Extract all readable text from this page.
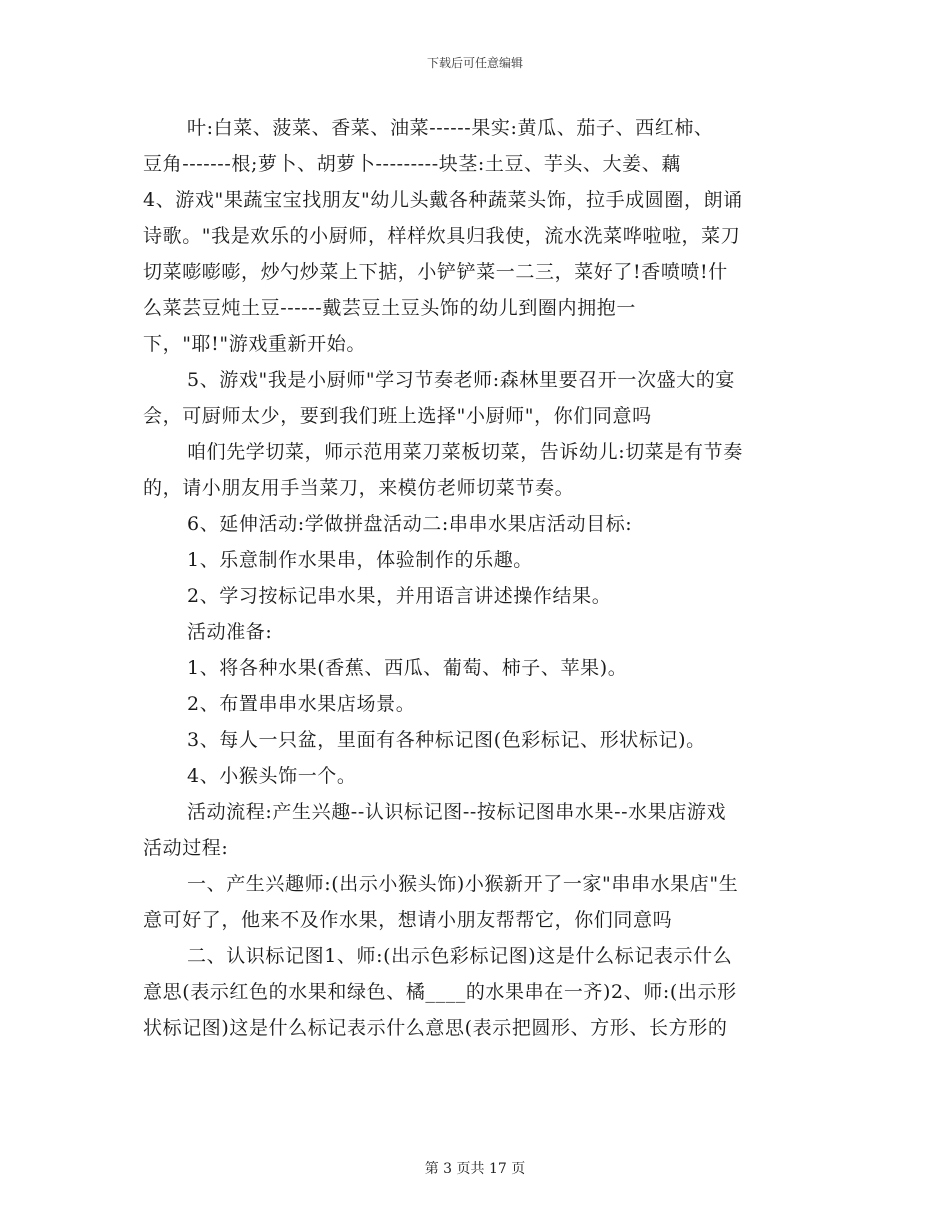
下载后可任意编辑
叶:白菜、菠菜、香菜、油菜------果实:黄瓜、茄子、西红柿、
豆角-------根;萝卜、胡萝卜---------块茎:土豆、芋头、大姜、藕
4、游戏"果蔬宝宝找朋友"幼儿头戴各种蔬菜头饰，拉手成圆圈，朗诵
诗歌。"我是欢乐的小厨师，样样炊具归我使，流水洗菜哗啦啦，菜刀
切菜嘭嘭嘭，炒勺炒菜上下掂，小铲铲菜一二三，菜好了!香喷喷!什
么菜芸豆炖土豆------戴芸豆土豆头饰的幼儿到圈内拥抱一
下，"耶!"游戏重新开始。
5、游戏"我是小厨师"学习节奏老师:森林里要召开一次盛大的宴
会，可厨师太少，要到我们班上选择"小厨师"，你们同意吗
咱们先学切菜，师示范用菜刀菜板切菜，告诉幼儿:切菜是有节奏
的，请小朋友用手当菜刀，来模仿老师切菜节奏。
6、延伸活动:学做拼盘活动二:串串水果店活动目标:
1、乐意制作水果串，体验制作的乐趣。
2、学习按标记串水果，并用语言讲述操作结果。
活动准备:
1、将各种水果(香蕉、西瓜、葡萄、柿子、苹果)。
2、布置串串水果店场景。
3、每人一只盆，里面有各种标记图(色彩标记、形状标记)。
4、小猴头饰一个。
活动流程:产生兴趣--认识标记图--按标记图串水果--水果店游戏
活动过程:
一、产生兴趣师:(出示小猴头饰)小猴新开了一家"串串水果店"生
意可好了，他来不及作水果，想请小朋友帮帮它，你们同意吗
二、认识标记图1、师:(出示色彩标记图)这是什么标记表示什么
意思(表示红色的水果和绿色、橘____的水果串在一齐)2、师:(出示形
状标记图)这是什么标记表示什么意思(表示把圆形、方形、长方形的
第 3 页共 17 页
